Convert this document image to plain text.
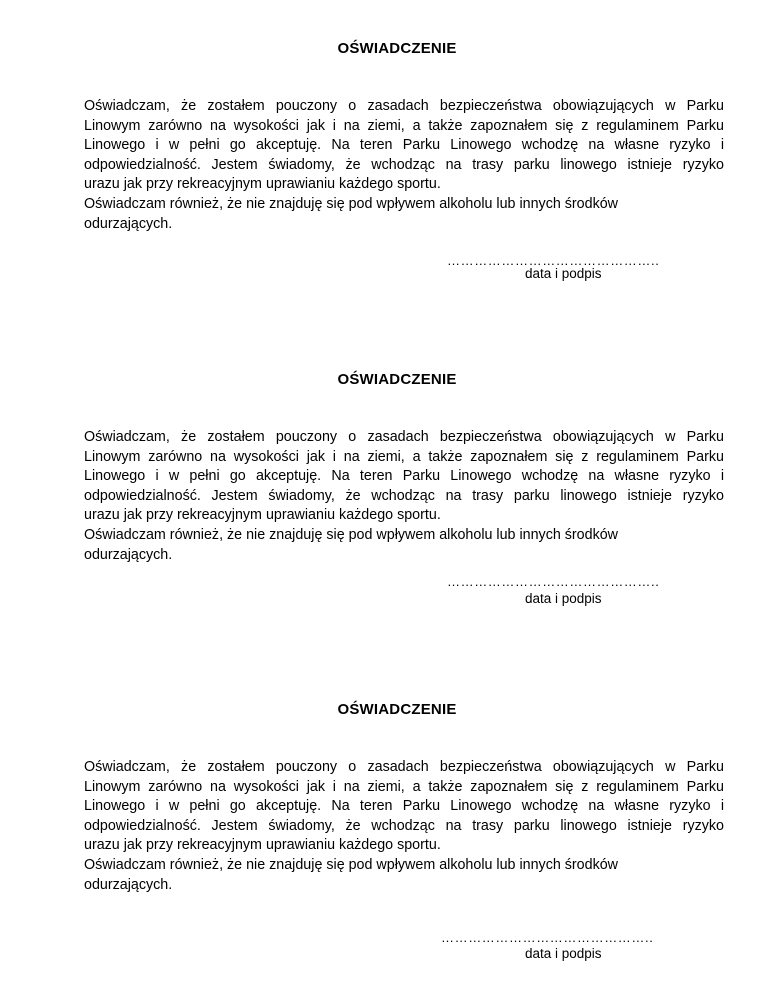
OŚWIADCZENIE
Oświadczam, że zostałem pouczony o zasadach bezpieczeństwa obowiązujących w Parku
Linowym zarówno na wysokości jak i na ziemi, a także zapoznałem się z regulaminem Parku
Linowego i w pełni go akceptuję. Na teren Parku Linowego wchodzę na własne ryzyko i
odpowiedzialność. Jestem świadomy, że wchodząc na trasy parku linowego istnieje ryzyko
urazu jak przy rekreacyjnym uprawianiu każdego sportu.
Oświadczam również, że nie znajduję się pod wpływem alkoholu lub innych środków
odurzających.
………………………………………..
data i podpis
OŚWIADCZENIE
Oświadczam, że zostałem pouczony o zasadach bezpieczeństwa obowiązujących w Parku
Linowym zarówno na wysokości jak i na ziemi, a także zapoznałem się z regulaminem Parku
Linowego i w pełni go akceptuję. Na teren Parku Linowego wchodzę na własne ryzyko i
odpowiedzialność. Jestem świadomy, że wchodząc na trasy parku linowego istnieje ryzyko
urazu jak przy rekreacyjnym uprawianiu każdego sportu.
Oświadczam również, że nie znajduję się pod wpływem alkoholu lub innych środków
odurzających.
………………………………………..
data i podpis
OŚWIADCZENIE
Oświadczam, że zostałem pouczony o zasadach bezpieczeństwa obowiązujących w Parku
Linowym zarówno na wysokości jak i na ziemi, a także zapoznałem się z regulaminem Parku
Linowego i w pełni go akceptuję. Na teren Parku Linowego wchodzę na własne ryzyko i
odpowiedzialność. Jestem świadomy, że wchodząc na trasy parku linowego istnieje ryzyko
urazu jak przy rekreacyjnym uprawianiu każdego sportu.
Oświadczam również, że nie znajduję się pod wpływem alkoholu lub innych środków
odurzających.
………………………………………..
data i podpis
